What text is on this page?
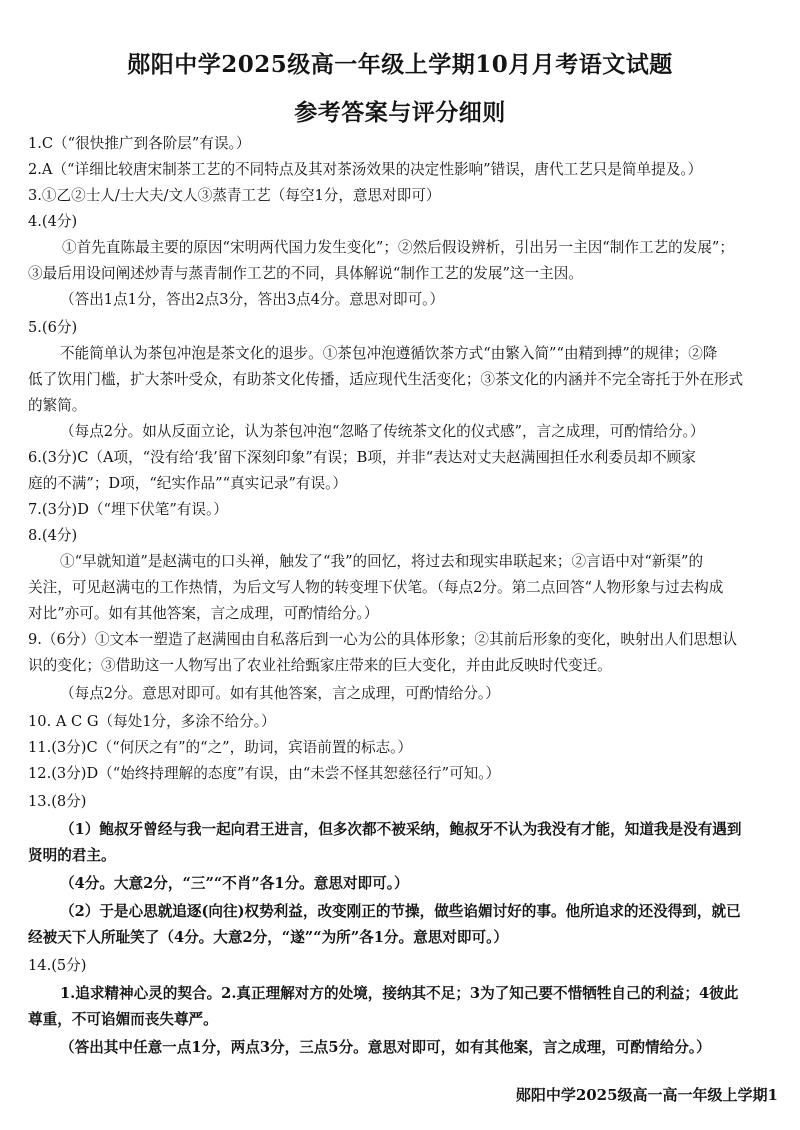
郧阳中学2025级高一年级上学期10月月考语文试题
参考答案与评分细则
1.C（“很快推广到各阶层”有误。）
2.A（“详细比较唐宋制茶工艺的不同特点及其对茶汤效果的决定性影响”错误，唐代工艺只是简单提及。）
3.①乙②士人/士大夫/文人③蒸青工艺（每空1分，意思对即可）
4.(4分)
①首先直陈最主要的原因“宋明两代国力发生变化”；②然后假设辨析，引出另一主因“制作工艺的发展”；
③最后用设问阐述炒青与蒸青制作工艺的不同，具体解说“制作工艺的发展”这一主因。
（答出1点1分，答出2点3分，答出3点4分。意思对即可。）
5.(6分)
不能简单认为茶包冲泡是茶文化的退步。①茶包冲泡遵循饮茶方式“由繁入简”“由精到搏”的规律；②降
低了饮用门槛，扩大茶叶受众，有助茶文化传播，适应现代生活变化；③茶文化的内涵并不完全寄托于外在形式
的繁简。
（每点2分。如从反面立论，认为茶包冲泡“忽略了传统茶文化的仪式感”，言之成理，可酌情给分。）
6.(3分)C（A项，“没有给‘我’留下深刻印象”有误；B项，并非“表达对丈夫赵满囤担任水利委员却不顾家
庭的不满”；D项，“纪实作品”“真实记录”有误。）
7.(3分)D（“埋下伏笔”有误。）
8.(4分)
①“早就知道”是赵满屯的口头禅，触发了“我”的回忆，将过去和现实串联起来；②言语中对“新渠”的
关注，可见赵满屯的工作热情，为后文写人物的转变埋下伏笔。（每点2分。第二点回答“人物形象与过去构成
对比”亦可。如有其他答案，言之成理，可酌情给分。）
9.（6分）①文本一塑造了赵满囤由自私落后到一心为公的具体形象；②其前后形象的变化，映射出人们思想认
识的变化；③借助这一人物写出了农业社给甄家庄带来的巨大变化，并由此反映时代变迁。
（每点2分。意思对即可。如有其他答案，言之成理，可酌情给分。）
10. A C G（每处1分，多涂不给分。）
11.(3分)C（“何厌之有”的“之”，助词，宾语前置的标志。）
12.(3分)D（“始终持理解的态度”有误，由“未尝不怪其恕慈径行”可知。）
13.(8分)
（1）鲍叔牙曾经与我一起向君王进言，但多次都不被采纳，鲍叔牙不认为我没有才能，知道我是没有遇到
贤明的君主。
（4分。大意2分，“三”“不肖”各1分。意思对即可。）
（2）于是心思就追逐(向往)权势利益，改变刚正的节操，做些谄媚讨好的事。他所追求的还没得到，就已
经被天下人所耻笑了（4分。大意2分，“遂”“为所”各1分。意思对即可。）
14.(5分)
1.追求精神心灵的契合。2.真正理解对方的处境，接纳其不足；3为了知己要不惜牺牲自己的利益；4彼此
尊重，不可谄媚而丧失尊严。
（答出其中任意一点1分，两点3分，三点5分。意思对即可，如有其他案，言之成理，可酌情给分。）
郧阳中学2025级高一高一年级上学期1
